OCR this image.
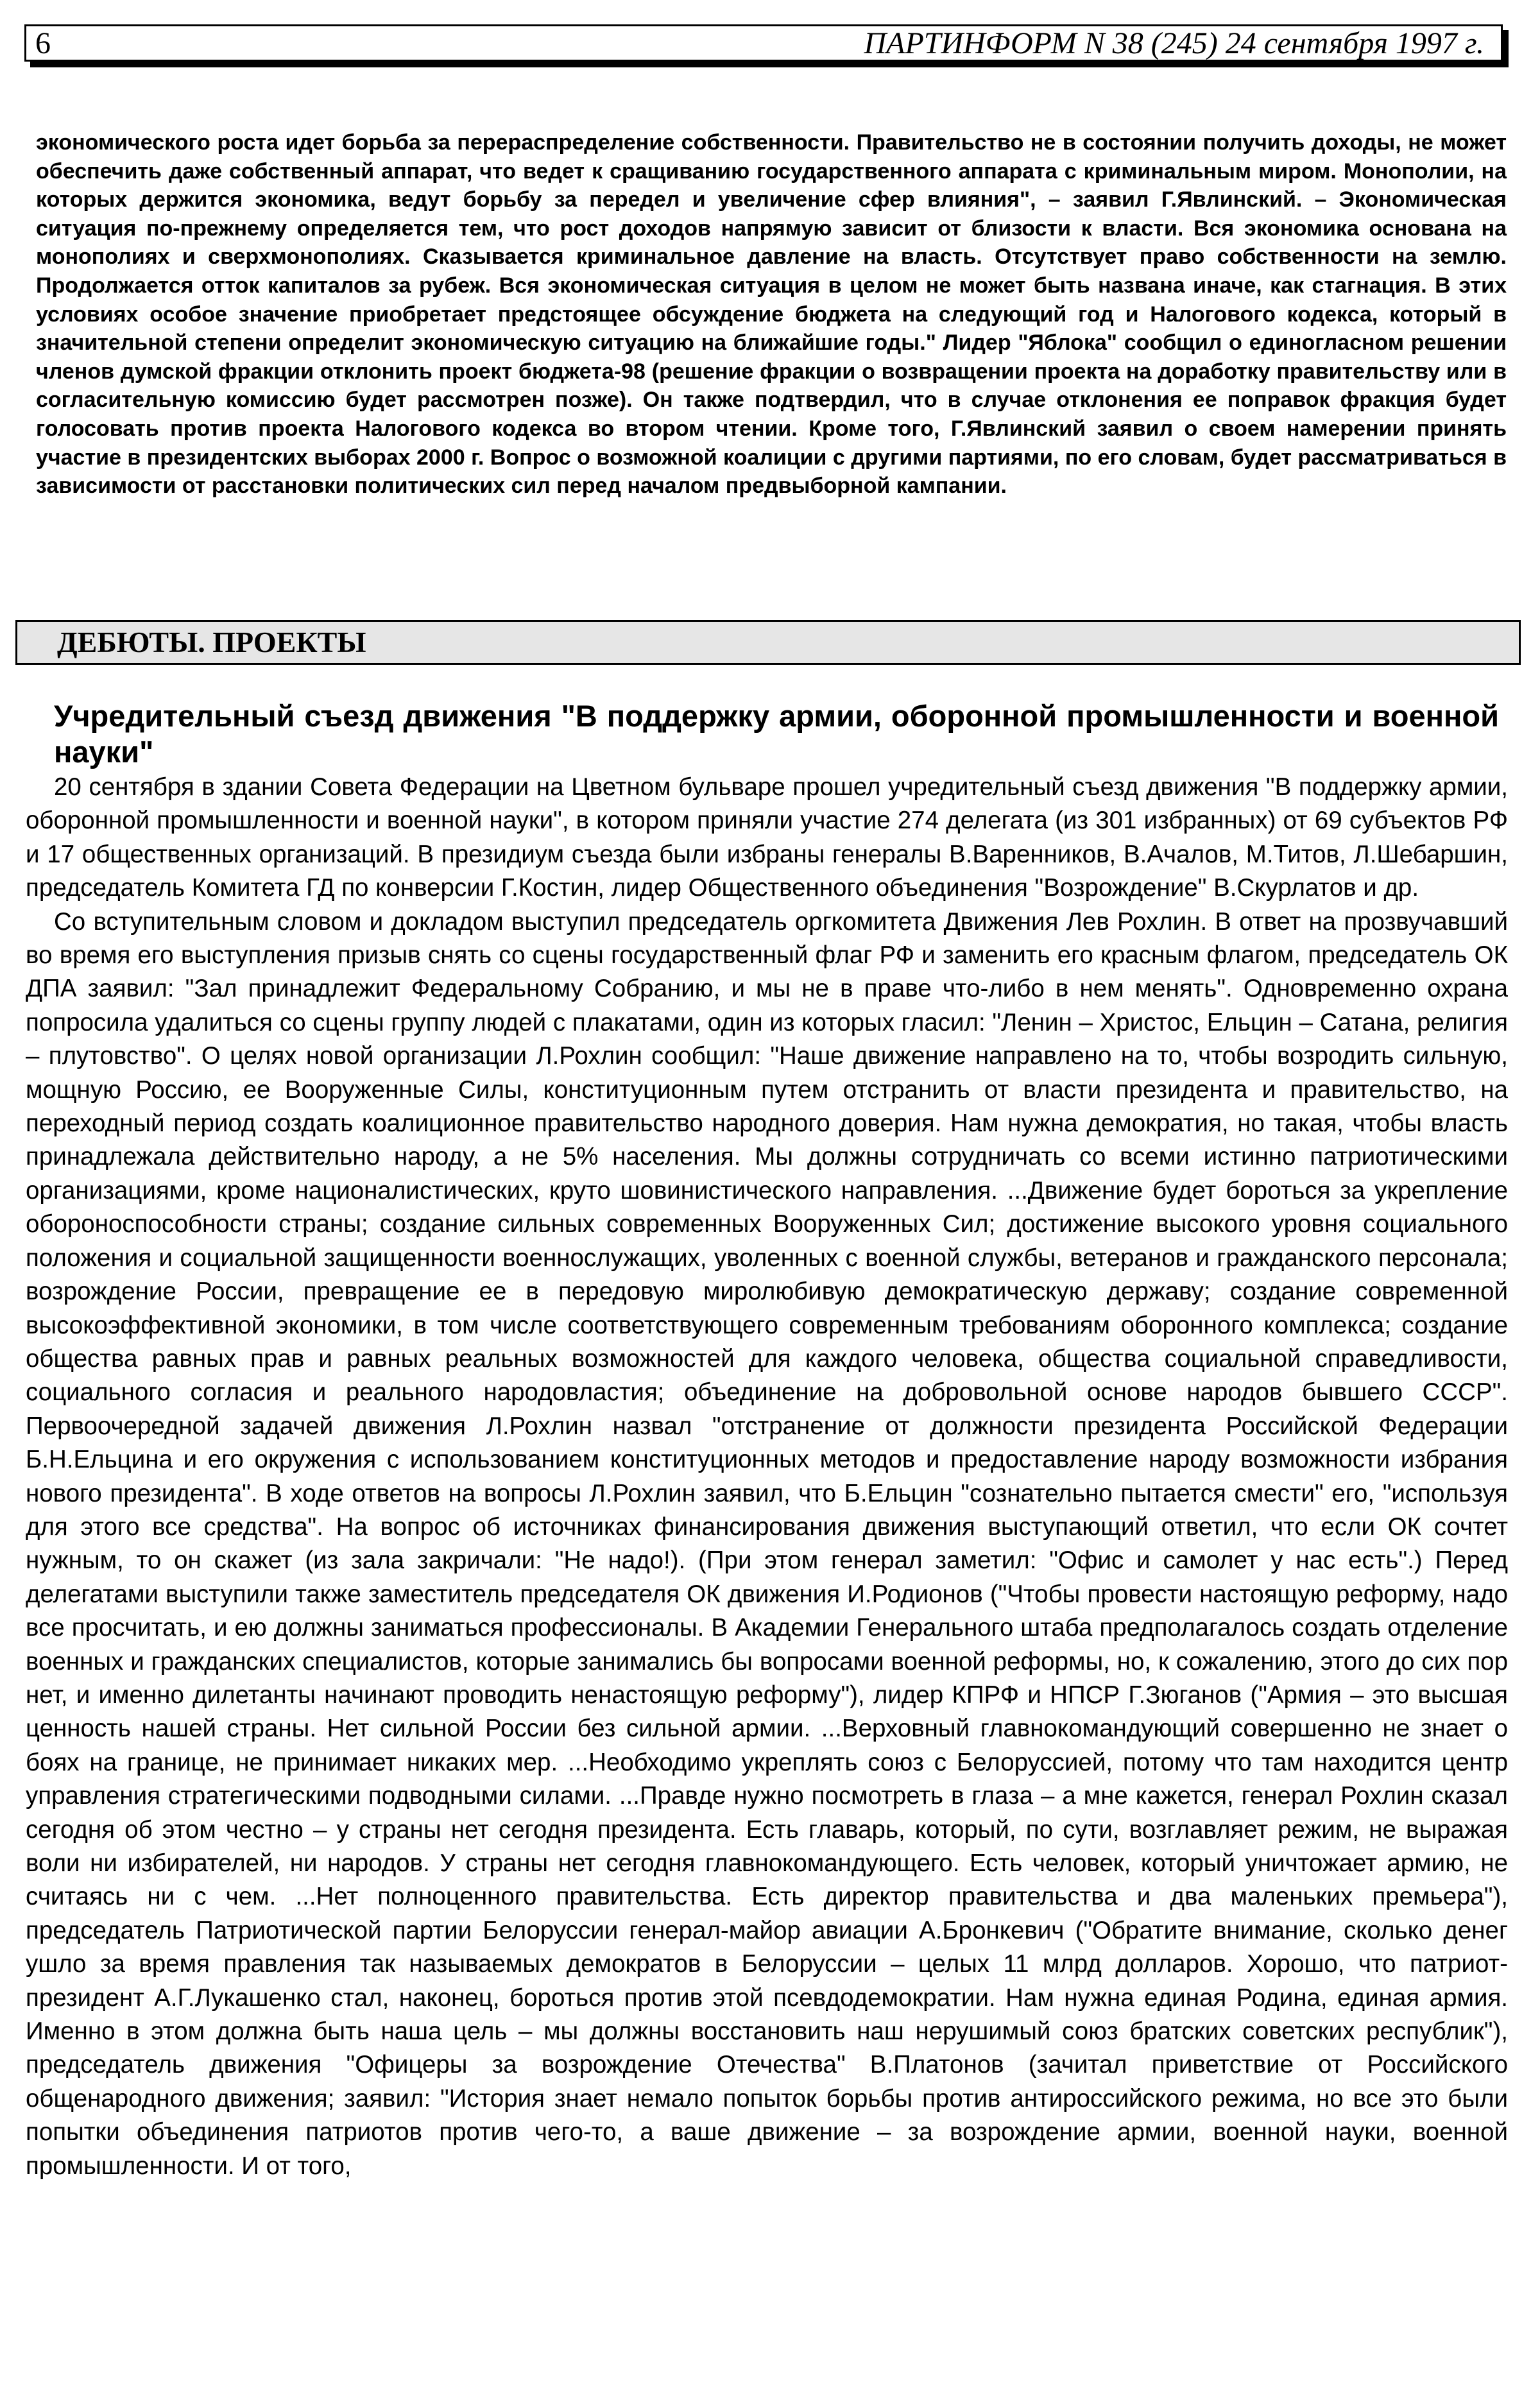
6	ПАРТИНФОРМ N 38 (245) 24 сентября 1997 г.

экономического роста идет борьба за перераспределение собственности. Правительство не в состоянии получить доходы, не может обеспечить даже собственный аппарат, что ведет к сращиванию государственного аппарата с криминальным миром. Монополии, на которых держится экономика, ведут борьбу за передел и увеличение сфер влияния", – заявил Г.Явлинский. – Экономическая ситуация по-прежнему определяется тем, что рост доходов напрямую зависит от близости к власти. Вся экономика основана на монополиях и сверхмонополиях. Сказывается криминальное давление на власть. Отсутствует право собственности на землю. Продолжается отток капиталов за рубеж. Вся экономическая ситуация в целом не может быть названа иначе, как стагнация. В этих условиях особое значение приобретает предстоящее обсуждение бюджета на следующий год и Налогового кодекса, который в значительной степени определит экономическую ситуацию на ближайшие годы." Лидер "Яблока" сообщил о единогласном решении членов думской фракции отклонить проект бюджета-98 (решение фракции о возвращении проекта на доработку правительству или в согласительную комиссию будет рассмотрен позже). Он также подтвердил, что в случае отклонения ее поправок фракция будет голосовать против проекта Налогового кодекса во втором чтении. Кроме того, Г.Явлинский заявил о своем намерении принять участие в президентских выборах 2000 г. Вопрос о возможной коалиции с другими партиями, по его словам, будет рассматриваться в зависимости от расстановки политических сил перед началом предвыборной кампании.

ДЕБЮТЫ. ПРОЕКТЫ
Учредительный съезд движения "В поддержку армии, оборонной промышленности и военной науки"

20 сентября в здании Совета Федерации на Цветном бульваре прошел учредительный съезд движения "В поддержку армии, оборонной промышленности и военной науки", в котором приняли участие 274 делегата (из 301 избранных) от 69 субъектов РФ и 17 общественных организаций. В президиум съезда были избраны генералы В.Варенников, В.Ачалов, М.Титов, Л.Шебаршин, председатель Комитета ГД по конверсии Г.Костин, лидер Общественного объединения "Возрождение" В.Скурлатов и др.

Со вступительным словом и докладом выступил председатель оргкомитета Движения Лев Рохлин. В ответ на прозвучавший во время его выступления призыв снять со сцены государственный флаг РФ и заменить его красным флагом, председатель ОК ДПА заявил: "Зал принадлежит Федеральному Собранию, и мы не в праве что-либо в нем менять". Одновременно охрана попросила удалиться со сцены группу людей с плакатами, один из которых гласил: "Ленин – Христос, Ельцин – Сатана, религия – плутовство". О целях новой организации Л.Рохлин сообщил: "Наше движение направлено на то, чтобы возродить сильную, мощную Россию, ее Вооруженные Силы, конституционным путем отстранить от власти президента и правительство, на переходный период создать коалиционное правительство народного доверия. Нам нужна демократия, но такая, чтобы власть принадлежала действительно народу, а не 5% населения. Мы должны сотрудничать со всеми истинно патриотическими организациями, кроме националистических, круто шовинистического направления. ...Движение будет бороться за укрепление обороноспособности страны; создание сильных современных Вооруженных Сил; достижение высокого уровня социального положения и социальной защищенности военнослужащих, уволенных с военной службы, ветеранов и гражданского персонала; возрождение России, превращение ее в передовую миролюбивую демократическую державу; создание современной высокоэффективной экономики, в том числе соответствующего современным требованиям оборонного комплекса; создание общества равных прав и равных реальных возможностей для каждого человека, общества социальной справедливости, социального согласия и реального народовластия; объединение на добровольной основе народов бывшего СССР". Первоочередной задачей движения Л.Рохлин назвал "отстранение от должности президента Российской Федерации Б.Н.Ельцина и его окружения с использованием конституционных методов и предоставление народу возможности избрания нового президента". В ходе ответов на вопросы Л.Рохлин заявил, что Б.Ельцин "сознательно пытается смести" его, "используя для этого все средства". На вопрос об источниках финансирования движения выступающий ответил, что если ОК сочтет нужным, то он скажет (из зала закричали: "Не надо!). (При этом генерал заметил: "Офис и самолет у нас есть".) Перед делегатами выступили также заместитель председателя ОК движения И.Родионов ("Чтобы провести настоящую реформу, надо все просчитать, и ею должны заниматься профессионалы. В Академии Генерального штаба предполагалось создать отделение военных и гражданских специалистов, которые занимались бы вопросами военной реформы, но, к сожалению, этого до сих пор нет, и именно дилетанты начинают проводить ненастоящую реформу"), лидер КПРФ и НПСР Г.Зюганов ("Армия – это высшая ценность нашей страны. Нет сильной России без сильной армии. ...Верховный главнокомандующий совершенно не знает о боях на границе, не принимает никаких мер. ...Необходимо укреплять союз с Белоруссией, потому что там находится центр управления стратегическими подводными силами. ...Правде нужно посмотреть в глаза – а мне кажется, генерал Рохлин сказал сегодня об этом честно – у страны нет сегодня президента. Есть главарь, который, по сути, возглавляет режим, не выражая воли ни избирателей, ни народов. У страны нет сегодня главнокомандующего. Есть человек, который уничтожает армию, не считаясь ни с чем. ...Нет полноценного правительства. Есть директор правительства и два маленьких премьера"), председатель Патриотической партии Белоруссии генерал-майор авиации А.Бронкевич ("Обратите внимание, сколько денег ушло за время правления так называемых демократов в Белоруссии – целых 11 млрд долларов. Хорошо, что патриот-президент А.Г.Лукашенко стал, наконец, бороться против этой псевдодемократии. Нам нужна единая Родина, единая армия. Именно в этом должна быть наша цель – мы должны восстановить наш нерушимый союз братских советских республик"), председатель движения "Офицеры за возрождение Отечества" В.Платонов (зачитал приветствие от Российского общенародного движения; заявил: "История знает немало попыток борьбы против антироссийского режима, но все это были попытки объединения патриотов против чего-то, а ваше движение – за возрождение армии, военной науки, военной промышленности. И от того,
